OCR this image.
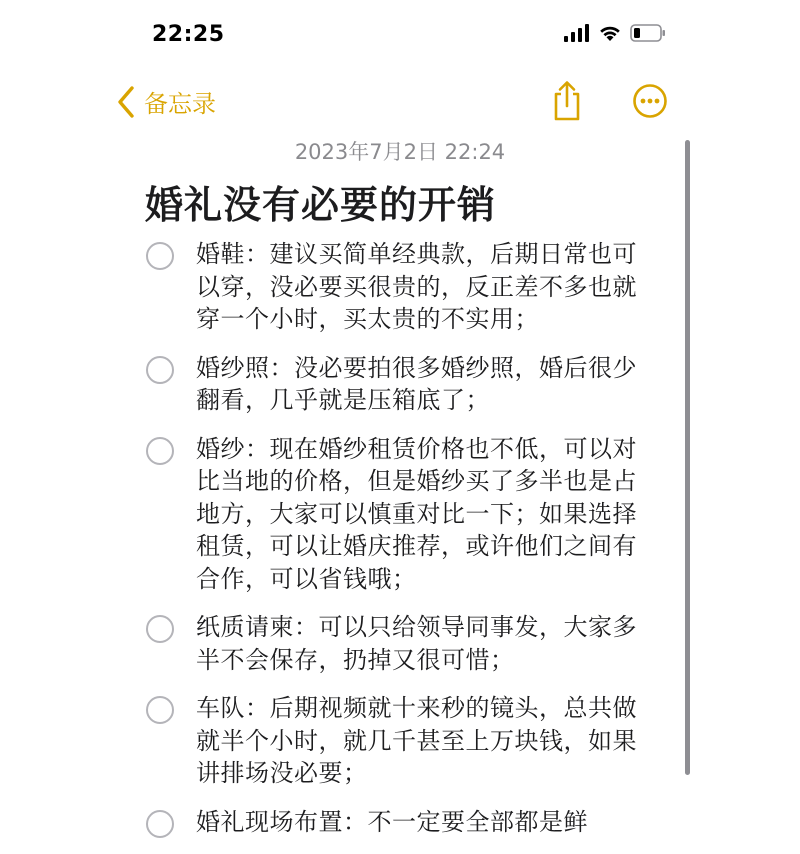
22:25
备忘录
2023年7月2日 22:24
婚礼没有必要的开销
婚鞋：建议买简单经典款，后期日常也可以穿，没必要买很贵的，反正差不多也就穿一个小时，买太贵的不实用；
婚纱照：没必要拍很多婚纱照，婚后很少翻看，几乎就是压箱底了；
婚纱：现在婚纱租赁价格也不低，可以对比当地的价格，但是婚纱买了多半也是占地方，大家可以慎重对比一下；如果选择租赁，可以让婚庆推荐，或许他们之间有合作，可以省钱哦；
纸质请柬：可以只给领导同事发，大家多半不会保存，扔掉又很可惜；
车队：后期视频就十来秒的镜头，总共做就半个小时，就几千甚至上万块钱，如果讲排场没必要；
婚礼现场布置：不一定要全部都是鲜
